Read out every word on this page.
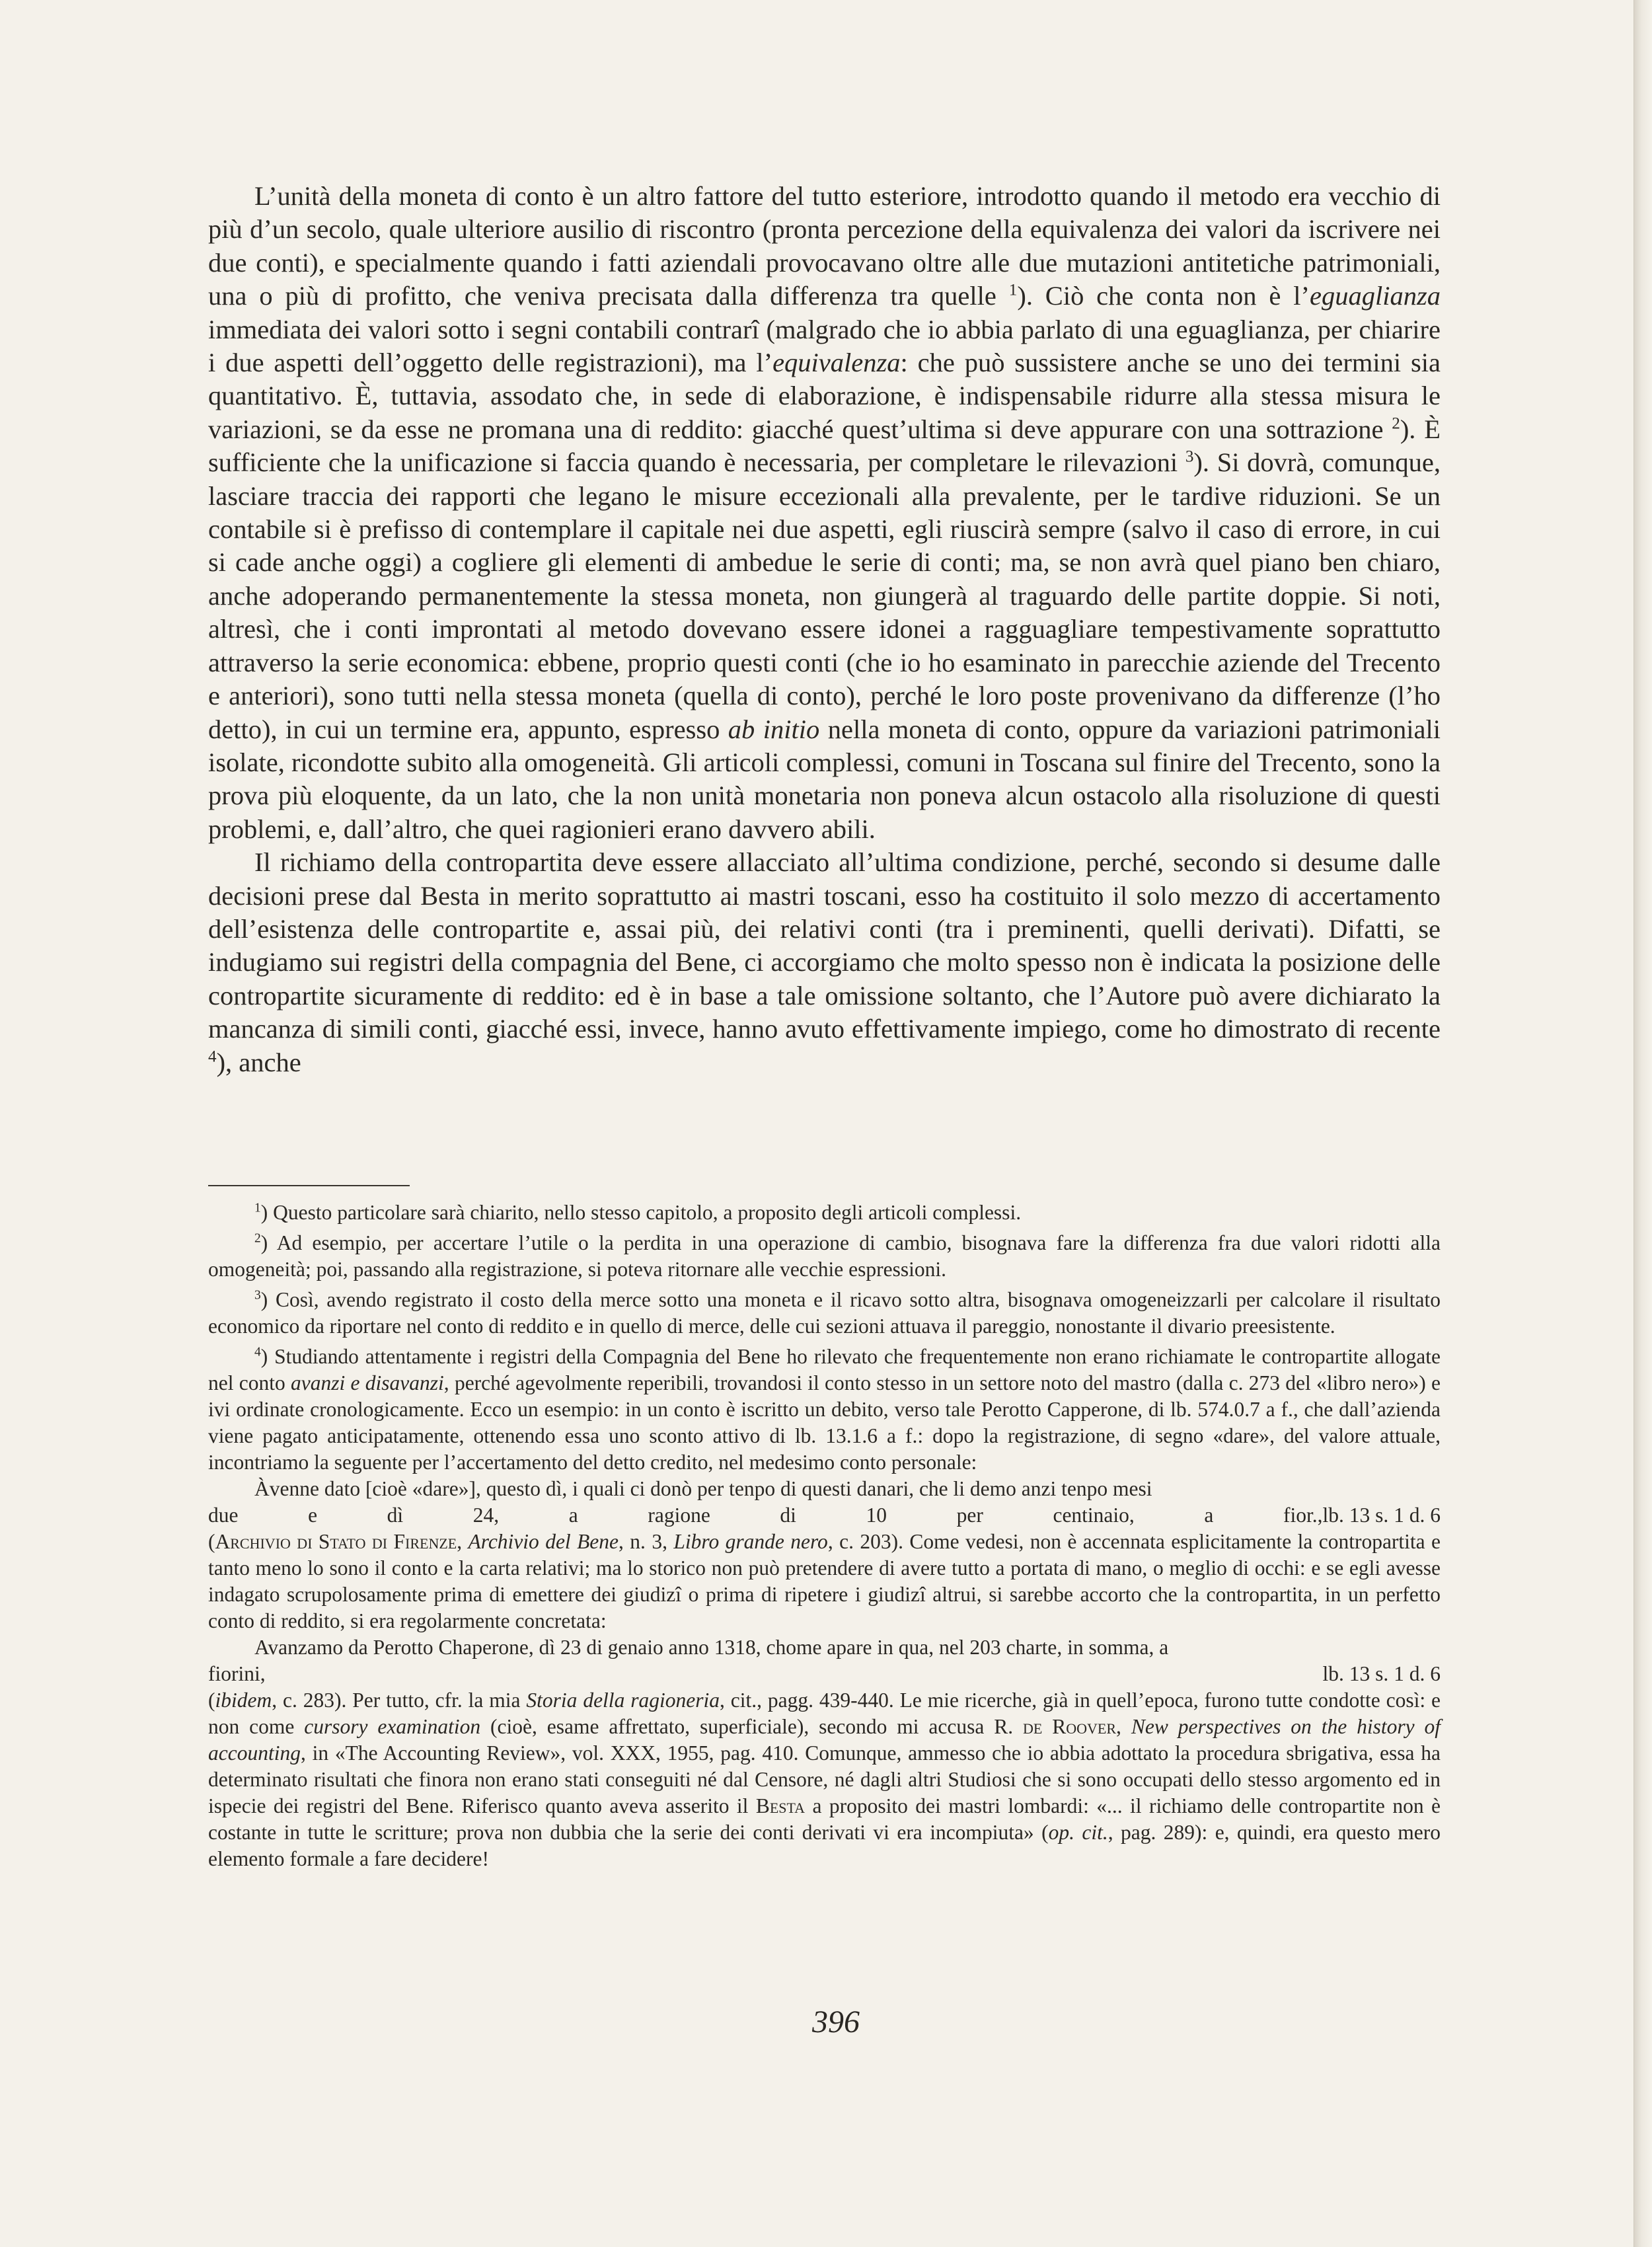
L’unità della moneta di conto è un altro fattore del tutto esteriore, introdotto quando il metodo era vecchio di più d’un secolo, quale ulteriore ausilio di riscontro (pronta percezione della equivalenza dei valori da iscrivere nei due conti), e specialmente quando i fatti aziendali provocavano oltre alle due mutazioni antitetiche patrimoniali, una o più di profitto, che veniva precisata dalla differenza tra quelle $^1$). Ciò che conta non è l’eguaglianza immediata dei valori sotto i segni contabili contrarî (malgrado che io abbia parlato di una eguaglianza, per chiarire i due aspetti dell’oggetto delle registrazioni), ma l’equivalenza: che può sussistere anche se uno dei termini sia quantitativo. È, tuttavia, assodato che, in sede di elaborazione, è indispensabile ridurre alla stessa misura le variazioni, se da esse ne promana una di reddito: giacché quest’ultima si deve appurare con una sottrazione $^2$). È sufficiente che la unificazione si faccia quando è necessaria, per completare le rilevazioni $^3$). Si dovrà, comunque, lasciare traccia dei rapporti che legano le misure eccezionali alla prevalente, per le tardive riduzioni. Se un contabile si è prefisso di contemplare il capitale nei due aspetti, egli riuscirà sempre (salvo il caso di errore, in cui si cade anche oggi) a cogliere gli elementi di ambedue le serie di conti; ma, se non avrà quel piano ben chiaro, anche adoperando permanentemente la stessa moneta, non giungerà al traguardo delle partite doppie. Si noti, altresì, che i conti improntati al metodo dovevano essere idonei a ragguagliare tempestivamente soprattutto attraverso la serie economica: ebbene, proprio questi conti (che io ho esaminato in parecchie aziende del Trecento e anteriori), sono tutti nella stessa moneta (quella di conto), perché le loro poste provenivano da differenze (l’ho detto), in cui un termine era, appunto, espresso ab initio nella moneta di conto, oppure da variazioni patrimoniali isolate, ricondotte subito alla omogeneità. Gli articoli complessi, comuni in Toscana sul finire del Trecento, sono la prova più eloquente, da un lato, che la non unità monetaria non poneva alcun ostacolo alla risoluzione di questi problemi, e, dall’altro, che quei ragionieri erano davvero abili.

Il richiamo della contropartita deve essere allacciato all’ultima condizione, perché, secondo si desume dalle decisioni prese dal Besta in merito soprattutto ai mastri toscani, esso ha costituito il solo mezzo di accertamento dell’esistenza delle contropartite e, assai più, dei relativi conti (tra i preminenti, quelli derivati). Difatti, se indugiamo sui registri della compagnia del Bene, ci accorgiamo che molto spesso non è indicata la posizione delle contropartite sicuramente di reddito: ed è in base a tale omissione soltanto, che l’Autore può avere dichiarato la mancanza di simili conti, giacché essi, invece, hanno avuto effettivamente impiego, come ho dimostrato di recente $^4$), anche

$^1$) Questo particolare sarà chiarito, nello stesso capitolo, a proposito degli articoli complessi.

$^2$) Ad esempio, per accertare l’utile o la perdita in una operazione di cambio, bisognava fare la differenza fra due valori ridotti alla omogeneità; poi, passando alla registrazione, si poteva ritornare alle vecchie espressioni.

$^3$) Così, avendo registrato il costo della merce sotto una moneta e il ricavo sotto altra, bisognava omogeneizzarli per calcolare il risultato economico da riportare nel conto di reddito e in quello di merce, delle cui sezioni attuava il pareggio, nonostante il divario preesistente.

$^4$) Studiando attentamente i registri della Compagnia del Bene ho rilevato che frequentemente non erano richiamate le contropartite allogate nel conto avanzi e disavanzi, perché agevolmente reperibili, trovandosi il conto stesso in un settore noto del mastro (dalla c. 273 del «libro nero») e ivi ordinate cronologicamente. Ecco un esempio: in un conto è iscritto un debito, verso tale Perotto Capperone, di lb. 574.0.7 a f., che dall’azienda viene pagato anticipatamente, ottenendo essa uno sconto attivo di lb. 13.1.6 a f.: dopo la registrazione, di segno «dare», del valore attuale, incontriamo la seguente per l’accertamento del detto credito, nel medesimo conto personale:

Àvenne dato [cioè «dare»], questo dì, i quali ci donò per tenpo di questi danari, che li demo anzi tenpo mesi
due e dì 24, a ragione di 10 per centinaio, a fior., lb. 13 s. 1 d. 6

(Archivio di Stato di Firenze, Archivio del Bene, n. 3, Libro grande nero, c. 203). Come vedesi, non è accennata esplicitamente la contropartita e tanto meno lo sono il conto e la carta relativi; ma lo storico non può pretendere di avere tutto a portata di mano, o meglio di occhi: e se egli avesse indagato scrupolosamente prima di emettere dei giudizî o prima di ripetere i giudizî altrui, si sarebbe accorto che la contropartita, in un perfetto conto di reddito, si era regolarmente concretata:

Avanzamo da Perotto Chaperone, dì 23 di genaio anno 1318, chome apare in qua, nel 203 charte, in somma, a
fiorini,	lb. 13 s. 1 d. 6

(ibidem, c. 283). Per tutto, cfr. la mia Storia della ragioneria, cit., pagg. 439-440. Le mie ricerche, già in quell’epoca, furono tutte condotte così: e non come cursory examination (cioè, esame affrettato, superficiale), secondo mi accusa R. de Roover, New perspectives on the history of accounting, in «The Accounting Review», vol. XXX, 1955, pag. 410. Comunque, ammesso che io abbia adottato la procedura sbrigativa, essa ha determinato risultati che finora non erano stati conseguiti né dal Censore, né dagli altri Studiosi che si sono occupati dello stesso argomento ed in ispecie dei registri del Bene. Riferisco quanto aveva asserito il Besta a proposito dei mastri lombardi: «... il richiamo delle contropartite non è costante in tutte le scritture; prova non dubbia che la serie dei conti derivati vi era incompiuta» (op. cit., pag. 289): e, quindi, era questo mero elemento formale a fare decidere!

396
